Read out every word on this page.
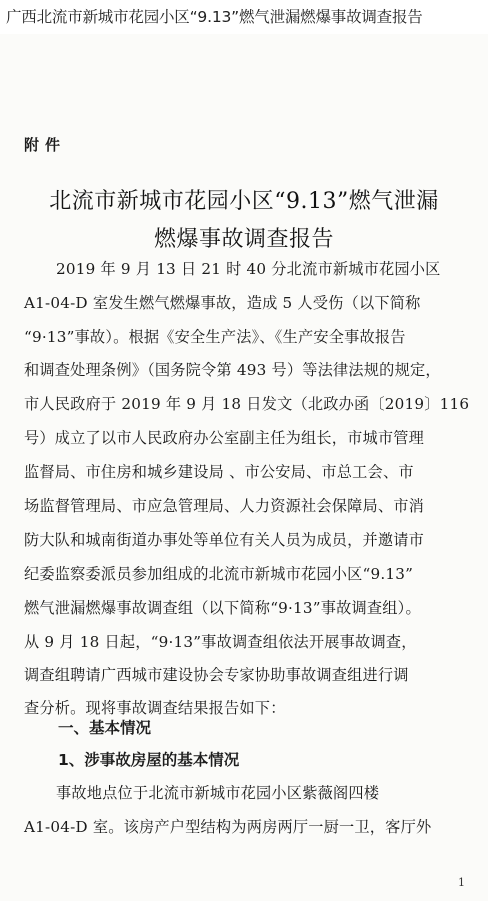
广西北流市新城市花园小区“9.13”燃气泄漏燃爆事故调查报告
附件
北流市新城市花园小区“9.13”燃气泄漏
燃爆事故调查报告
2019 年 9 月 13 日 21 时 40 分北流市新城市花园小区
A1-04-D 室发生燃气燃爆事故，造成 5 人受伤（以下简称
“9·13”事故）。根据《安全生产法》、《生产安全事故报告
和调查处理条例》（国务院令第 493 号）等法律法规的规定，
市人民政府于 2019 年 9 月 18 日发文（北政办函〔2019〕116
号）成立了以市人民政府办公室副主任为组长，市城市管理
监督局、市住房和城乡建设局 、市公安局、市总工会、市
场监督管理局、市应急管理局、人力资源社会保障局、市消
防大队和城南街道办事处等单位有关人员为成员，并邀请市
纪委监察委派员参加组成的北流市新城市花园小区“9.13”
燃气泄漏燃爆事故调查组（以下简称“9·13”事故调查组）。
从 9 月 18 日起，“9·13”事故调查组依法开展事故调查，
调查组聘请广西城市建设协会专家协助事故调查组进行调
查分析。现将事故调查结果报告如下：
一、基本情况
1、涉事故房屋的基本情况
事故地点位于北流市新城市花园小区紫薇阁四楼
A1-04-D 室。该房产户型结构为两房两厅一厨一卫，客厅外
1
